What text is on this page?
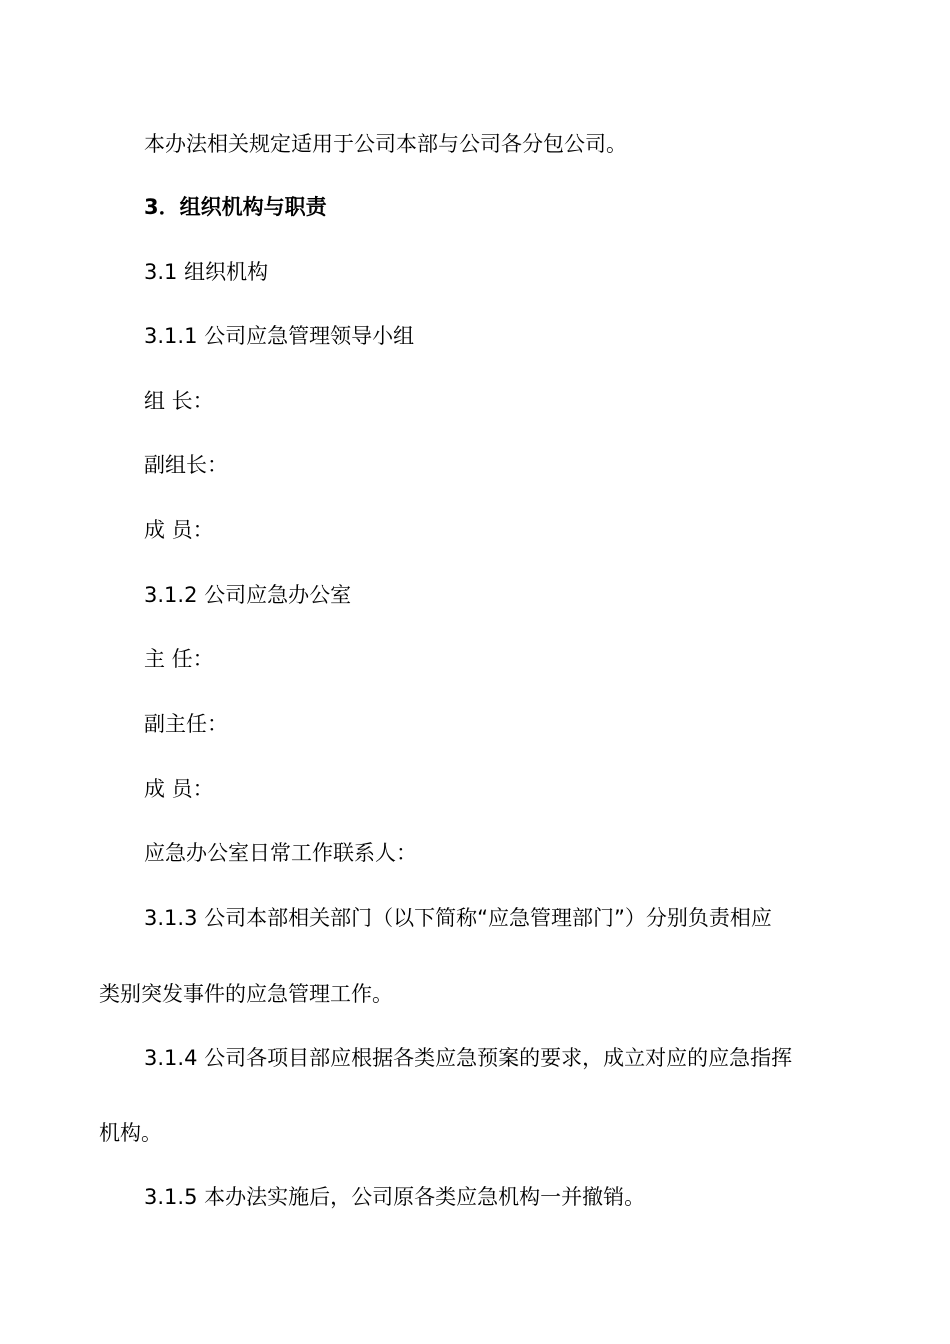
本办法相关规定适用于公司本部与公司各分包公司。
3．组织机构与职责
3.1 组织机构
3.1.1 公司应急管理领导小组
组 长：
副组长：
成 员：
3.1.2 公司应急办公室
主 任：
副主任：
成 员：
应急办公室日常工作联系人：
3.1.3 公司本部相关部门（以下简称“应急管理部门”）分别负责相应
类别突发事件的应急管理工作。
3.1.4 公司各项目部应根据各类应急预案的要求，成立对应的应急指挥
机构。
3.1.5 本办法实施后，公司原各类应急机构一并撤销。
